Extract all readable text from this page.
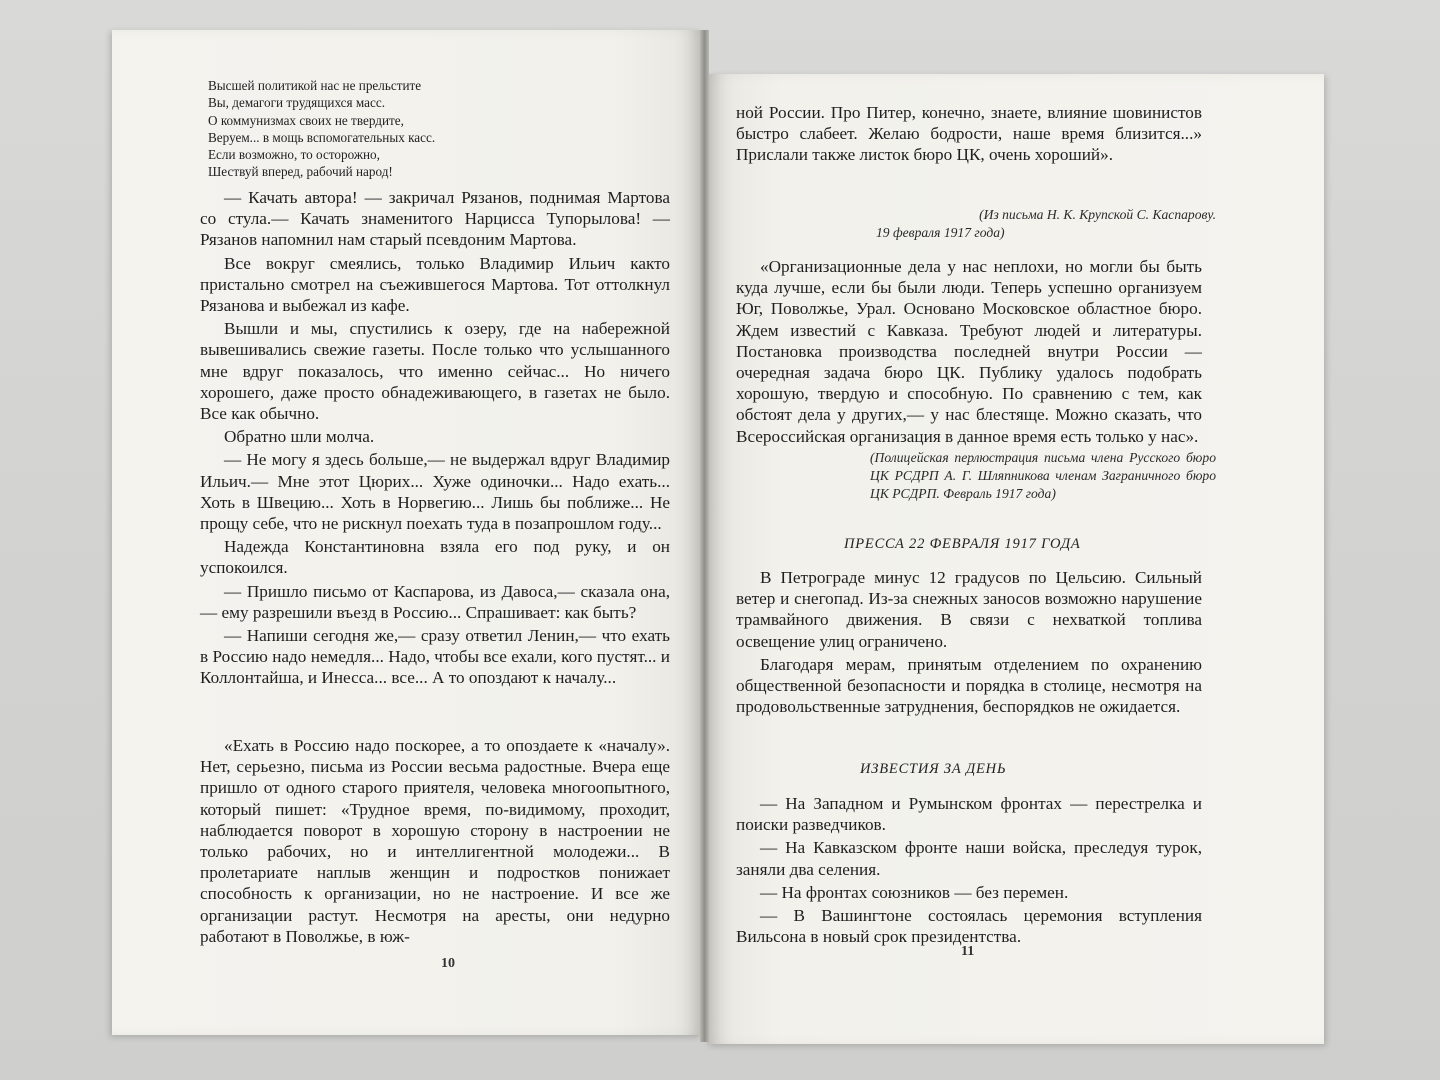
Высшей политикой нас не прельстите
Вы, демагоги трудящихся масс.
О коммунизмах своих не твердите,
Веруем... в мощь вспомогательных касс.
Если возможно, то осторожно,
Шествуй вперед, рабочий народ!

— Качать автора! — закричал Рязанов, поднимая Мартова со стула.— Качать знаменитого Нарцисса Тупорылова! — Рязанов напомнил нам старый псевдоним Мартова.

Все вокруг смеялись, только Владимир Ильич както пристально смотрел на съежившегося Мартова. Тот оттолкнул Рязанова и выбежал из кафе.

Вышли и мы, спустились к озеру, где на набережной вывешивались свежие газеты. После только что услышанного мне вдруг показалось, что именно сейчас... Но ничего хорошего, даже просто обнадеживающего, в газетах не было. Все как обычно.

Обратно шли молча.

— Не могу я здесь больше,— не выдержал вдруг Владимир Ильич.— Мне этот Цюрих... Хуже одиночки... Надо ехать... Хоть в Швецию... Хоть в Норвегию... Лишь бы поближе... Не прощу себе, что не рискнул поехать туда в позапрошлом году...

Надежда Константиновна взяла его под руку, и он успокоился.

— Пришло письмо от Каспарова, из Давоса,— сказала она,— ему разрешили въезд в Россию... Спрашивает: как быть?

— Напиши сегодня же,— сразу ответил Ленин,— что ехать в Россию надо немедля... Надо, чтобы все ехали, кого пустят... и Коллонтайша, и Инесса... все... А то опоздают к началу...

«Ехать в Россию надо поскорее, а то опоздаете к «началу». Нет, серьезно, письма из России весьма радостные. Вчера еще пришло от одного старого приятеля, человека многоопытного, который пишет: «Трудное время, по-видимому, проходит, наблюдается поворот в хорошую сторону в настроении не только рабочих, но и интеллигентной молодежи... В пролетариате наплыв женщин и подростков понижает способность к организации, но не настроение. И все же организации растут. Несмотря на аресты, они недурно работают в Поволжье, в юж-

10

ной России. Про Питер, конечно, знаете, влияние шовинистов быстро слабеет. Желаю бодрости, наше время близится...» Прислали также листок бюро ЦК, очень хороший».

(Из письма Н. К. Крупской С. Каспарову.
19 февраля 1917 года)

«Организационные дела у нас неплохи, но могли бы быть куда лучше, если бы были люди. Теперь успешно организуем Юг, Поволжье, Урал. Основано Московское областное бюро. Ждем известий с Кавказа. Требуют людей и литературы. Постановка производства последней внутри России — очередная задача бюро ЦК. Публику удалось подобрать хорошую, твердую и способную. По сравнению с тем, как обстоят дела у других,— у нас блестяще. Можно сказать, что Всероссийская организация в данное время есть только у нас».

(Полицейская перлюстрация письма члена Русского бюро ЦК РСДРП А. Г. Шляпникова членам Заграничного бюро ЦК РСДРП. Февраль 1917 года)
ПРЕССА 22 ФЕВРАЛЯ 1917 ГОДА

В Петрограде минус 12 градусов по Цельсию. Сильный ветер и снегопад. Из-за снежных заносов возможно нарушение трамвайного движения. В связи с нехваткой топлива освещение улиц ограничено.

Благодаря мерам, принятым отделением по охранению общественной безопасности и порядка в столице, несмотря на продовольственные затруднения, беспорядков не ожидается.

ИЗВЕСТИЯ ЗА ДЕНЬ

— На Западном и Румынском фронтах — перестрелка и поиски разведчиков.

— На Кавказском фронте наши войска, преследуя турок, заняли два селения.

— На фронтах союзников — без перемен.

— В Вашингтоне состоялась церемония вступления Вильсона в новый срок президентства.

11
